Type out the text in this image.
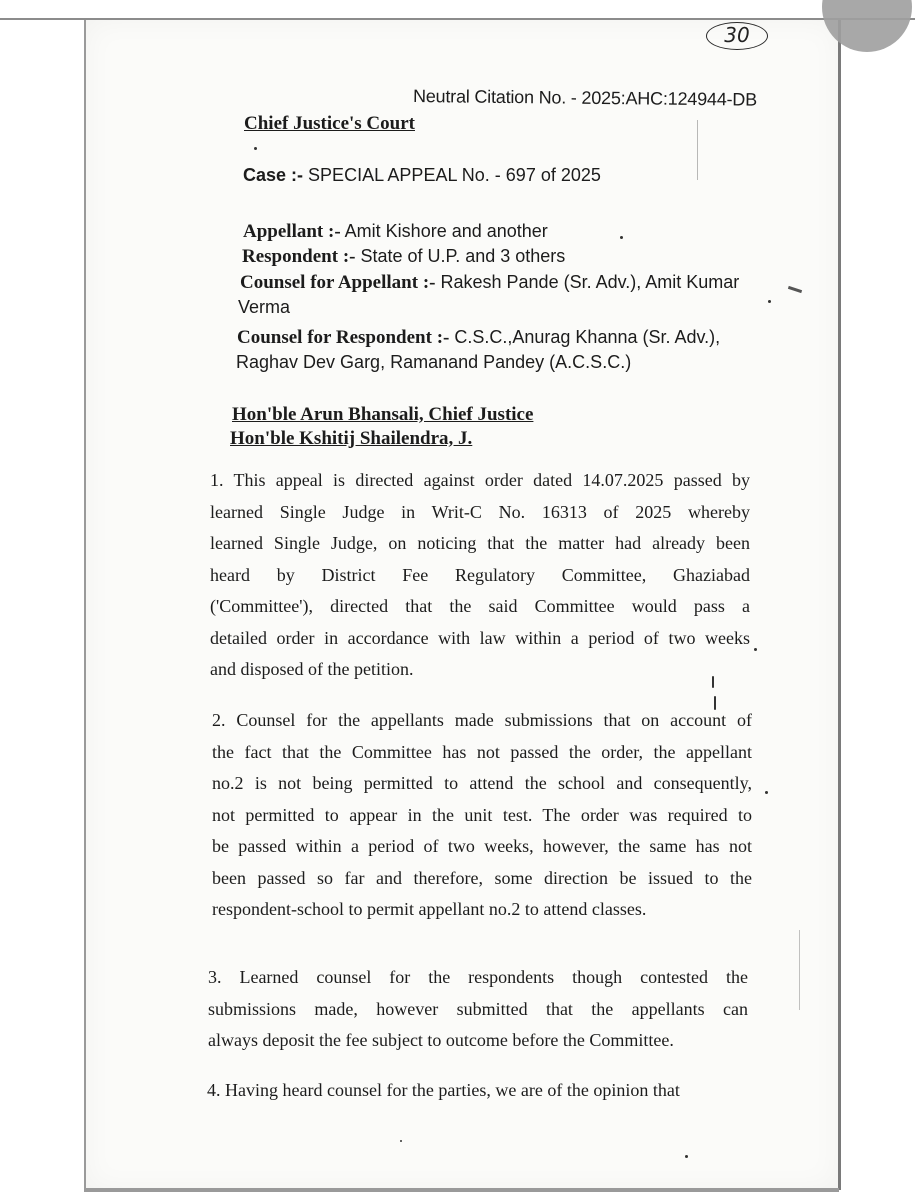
30
Neutral Citation No. - 2025:AHC:124944-DB
Chief Justice's Court
Case :- SPECIAL APPEAL No. - 697 of 2025
Appellant :- Amit Kishore and another
Respondent :- State of U.P. and 3 others
Counsel for Appellant :- Rakesh Pande (Sr. Adv.), Amit Kumar
Verma
Counsel for Respondent :- C.S.C.,Anurag Khanna (Sr. Adv.),
Raghav Dev Garg, Ramanand Pandey (A.C.S.C.)
Hon'ble Arun Bhansali, Chief Justice
Hon'ble Kshitij Shailendra, J.
1. This appeal is directed against order dated 14.07.2025 passed by
learned Single Judge in Writ-C No. 16313 of 2025 whereby
learned Single Judge, on noticing that the matter had already been
heard by District Fee Regulatory Committee, Ghaziabad
('Committee'), directed that the said Committee would pass a
detailed order in accordance with law within a period of two weeks
and disposed of the petition.
2. Counsel for the appellants made submissions that on account of
the fact that the Committee has not passed the order, the appellant
no.2 is not being permitted to attend the school and consequently,
not permitted to appear in the unit test. The order was required to
be passed within a period of two weeks, however, the same has not
been passed so far and therefore, some direction be issued to the
respondent-school to permit appellant no.2 to attend classes.
3. Learned counsel for the respondents though contested the
submissions made, however submitted that the appellants can
always deposit the fee subject to outcome before the Committee.
4. Having heard counsel for the parties, we are of the opinion that
